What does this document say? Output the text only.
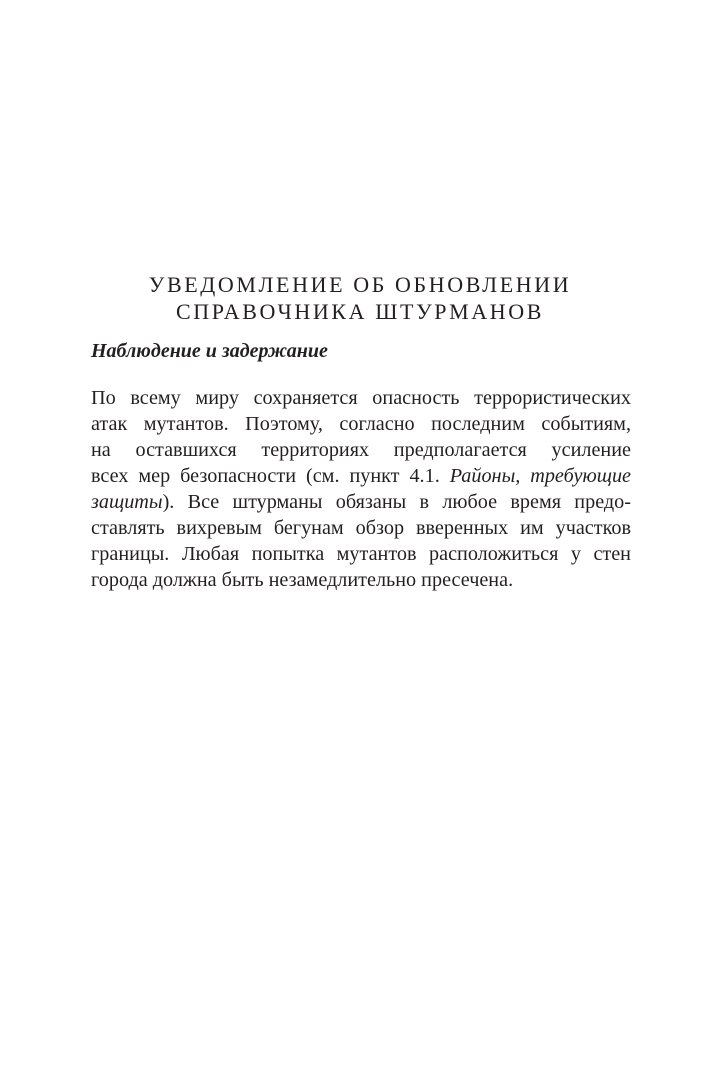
УВЕДОМЛЕНИЕ ОБ ОБНОВЛЕНИИ
СПРАВОЧНИКА ШТУРМАНОВ
Наблюдение и задержание
По всему миру сохраняется опасность террористических
атак мутантов. Поэтому, согласно последним событиям,
на оставшихся территориях предполагается усиление
всех мер безопасности (см. пункт 4.1. Районы, требующие
защиты). Все штурманы обязаны в любое время предо-
ставлять вихревым бегунам обзор вверенных им участков
границы. Любая попытка мутантов расположиться у стен
города должна быть незамедлительно пресечена.
